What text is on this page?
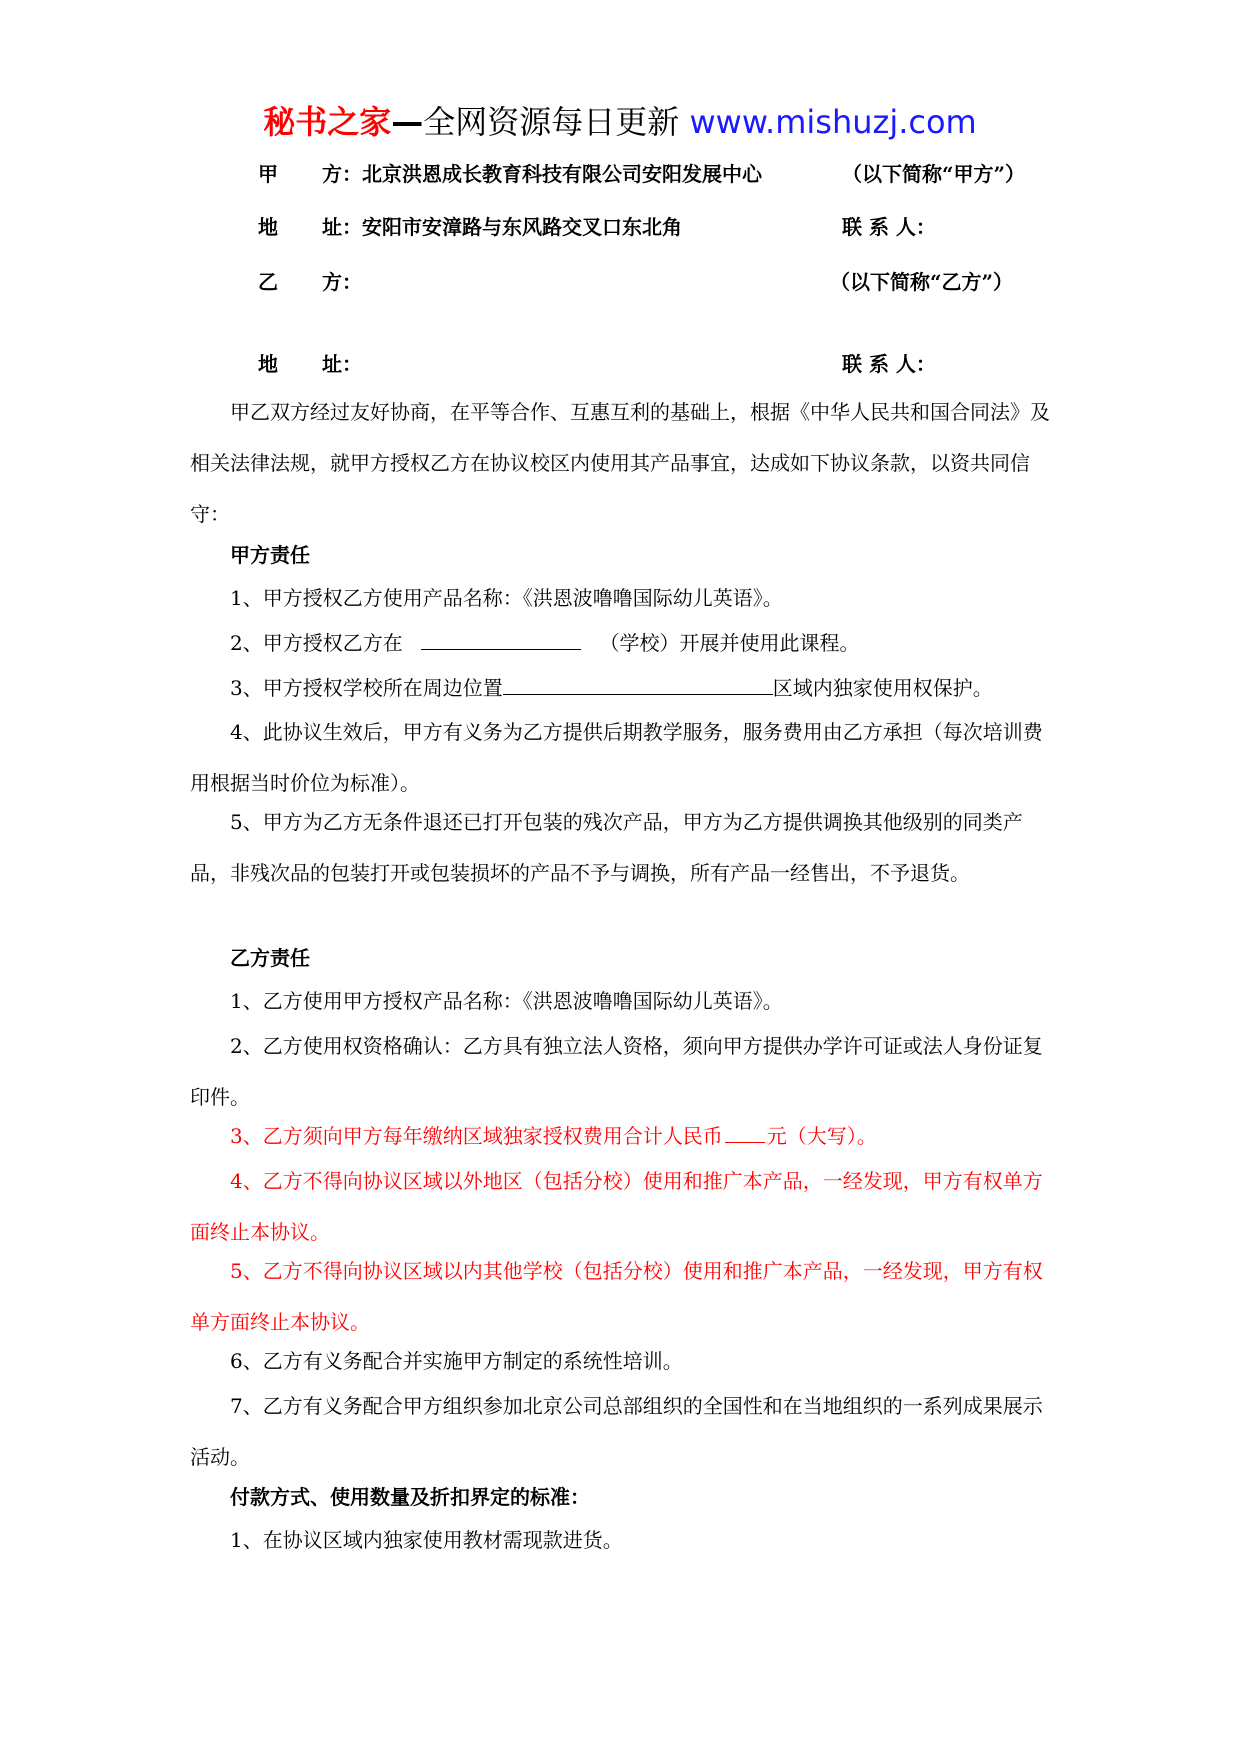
秘书之家—全网资源每日更新 www.mishuzj.com
甲 方：北京洪恩成长教育科技有限公司安阳发展中心	（以下简称“甲方”）
地 址：安阳市安漳路与东风路交叉口东北角	联 系 人：
乙 方：	（以下简称“乙方”）
地 址：	联 系 人：

甲乙双方经过友好协商，在平等合作、互惠互利的基础上，根据《中华人民共和国合同法》及相关法律法规，就甲方授权乙方在协议校区内使用其产品事宜，达成如下协议条款，以资共同信守：

甲方责任

1、甲方授权乙方使用产品名称：《洪恩波噜噜国际幼儿英语》。

2、甲方授权乙方在	（学校）开展并使用此课程。

3、甲方授权学校所在周边位置	区域内独家使用权保护。

4、此协议生效后，甲方有义务为乙方提供后期教学服务，服务费用由乙方承担（每次培训费用根据当时价位为标准）。

5、甲方为乙方无条件退还已打开包装的残次产品，甲方为乙方提供调换其他级别的同类产品，非残次品的包装打开或包装损坏的产品不予与调换，所有产品一经售出，不予退货。

乙方责任

1、乙方使用甲方授权产品名称：《洪恩波噜噜国际幼儿英语》。

2、乙方使用权资格确认：乙方具有独立法人资格，须向甲方提供办学许可证或法人身份证复印件。

3、乙方须向甲方每年缴纳区域独家授权费用合计人民币 元（大写）。

4、乙方不得向协议区域以外地区（包括分校）使用和推广本产品，一经发现，甲方有权单方面终止本协议。

5、乙方不得向协议区域以内其他学校（包括分校）使用和推广本产品，一经发现，甲方有权单方面终止本协议。

6、乙方有义务配合并实施甲方制定的系统性培训。

7、乙方有义务配合甲方组织参加北京公司总部组织的全国性和在当地组织的一系列成果展示活动。

付款方式、使用数量及折扣界定的标准：

1、在协议区域内独家使用教材需现款进货。
